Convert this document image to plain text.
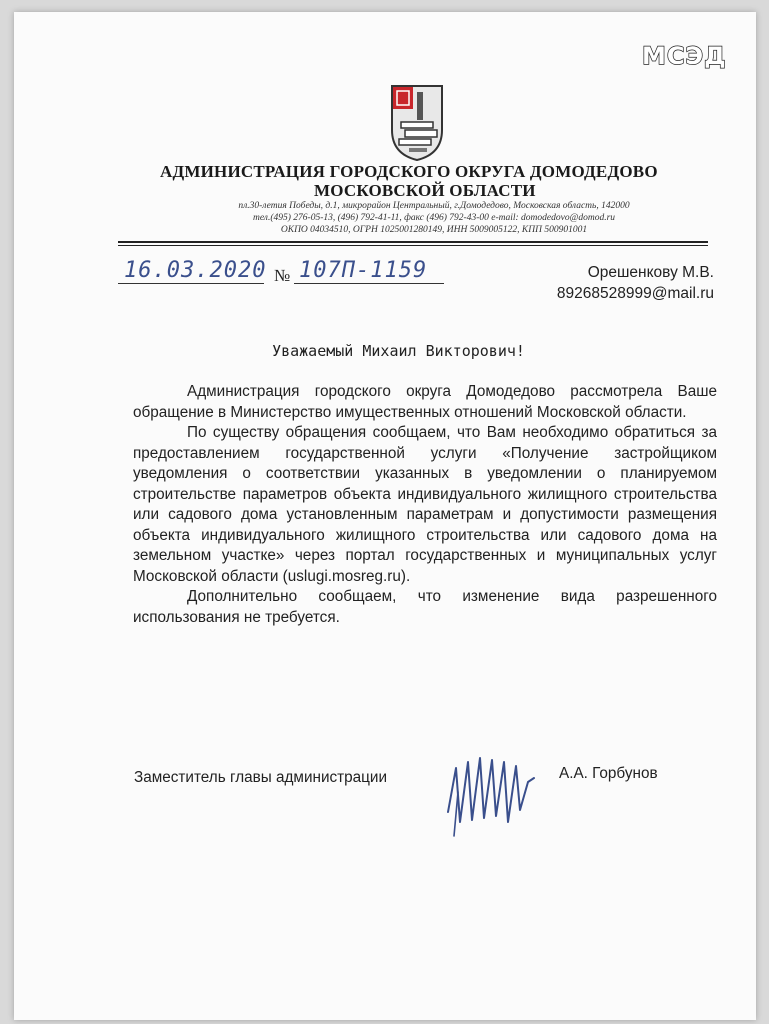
МСЭД
АДМИНИСТРАЦИЯ ГОРОДСКОГО ОКРУГА ДОМОДЕДОВО
МОСКОВСКОЙ ОБЛАСТИ
пл.30-летия Победы, д.1, микрорайон Центральный, г.Домодедово, Московская область, 142000
тел.(495) 276-05-13, (496) 792-41-11, факс (496) 792-43-00 e-mail: domodedovo@domod.ru
ОКПО 04034510, ОГРН 1025001280149, ИНН 5009005122, КПП 500901001
16.03.2020 № 107П-1159	Орешенкову М.В.
89268528999@mail.ru
Уважаемый Михаил Викторович!

Администрация городского округа Домодедово рассмотрела Ваше обращение в Министерство имущественных отношений Московской области.

По существу обращения сообщаем, что Вам необходимо обратиться за предоставлением государственной услуги «Получение застройщиком уведомления о соответствии указанных в уведомлении о планируемом строительстве параметров объекта индивидуального жилищного строительства или садового дома установленным параметрам и допустимости размещения объекта индивидуального жилищного строительства или садового дома на земельном участке» через портал государственных и муниципальных услуг Московской области (uslugi.mosreg.ru).

Дополнительно сообщаем, что изменение вида разрешенного использования не требуется.

Заместитель главы администрации	А.А. Горбунов
